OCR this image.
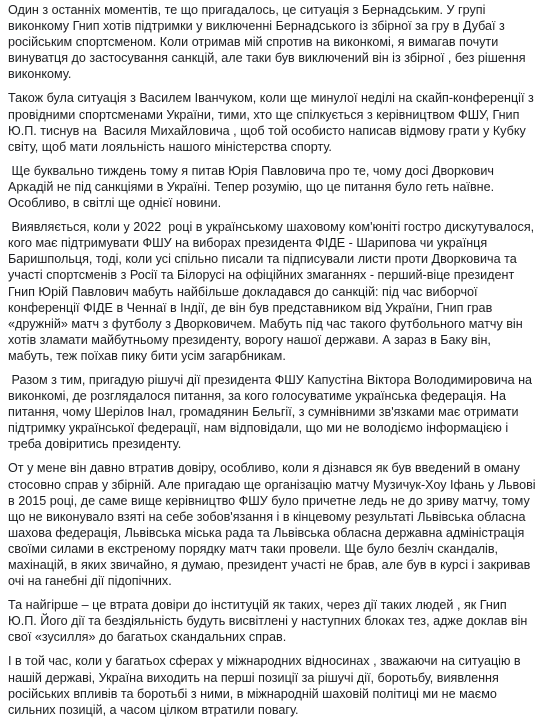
Один з останніх моментів, те що пригадалось, це ситуація з Бернадським. У групі виконкому Гнип хотів підтримки у виключенні Бернадського із збірної за гру в Дубаї з російським спортсменом. Коли отримав мій спротив на виконкомі, я вимагав почути винуватця до застосування санкцій, але таки був виключений він із збірної , без рішення виконкому.

Також була ситуація з Василем Іванчуком, коли ще минулої неділі на скайп-конференції з провідними спортсменами України, тими, хто ще спілкується з керівництвом ФШУ, Гнип Ю.П. тиснув на  Василя Михайловича , щоб той особисто написав відмову грати у Кубку світу, щоб мати лояльність нашого міністерства спорту.

Ще буквально тиждень тому я питав Юрія Павловича про те, чому досі Дворкович Аркадій не під санкціями в Україні. Тепер розумію, що це питання було геть наївне. Особливо, в світлі ще однієї новини.

Виявляється, коли у 2022  році в українському шаховому ком'юніті гостро дискутувалося, кого має підтримувати ФШУ на виборах президента ФІДЕ - Шарипова чи українця Баришпольця, тоді, коли усі спільно писали та підписували листи проти Дворковича та участі спортсменів з Росії та Білорусі на офіційних змаганнях - перший-віце президент Гнип Юрій Павлович мабуть найбільше докладався до санкцій: під час виборчої конференції ФІДЕ в Ченнаї в Індії, де він був представником від України, Гнип грав «дружній» матч з футболу з Дворковичем. Мабуть під час такого футбольного матчу він хотів зламати майбутньому президенту, ворогу нашої держави. А зараз в Баку він, мабуть, теж поїхав пику бити усім загарбникам.

Разом з тим, пригадую рішучі дії президента ФШУ Капустіна Віктора Володимировича на виконкомі, де розглядалося питання, за кого голосуватиме українська федерація. На питання, чому Шерілов Інал, громадянин Бельгії, з сумнівними зв'язками має отримати підтримку української федерації, нам відповідали, що ми не володіємо інформацією і треба довіритись президенту.

От у мене він давно втратив довіру, особливо, коли я дізнався як був введений в оману стосовно справ у збірній. Але пригадаю ще організацію матчу Музичук-Хоу Іфань у Львові в 2015 році, де саме вище керівництво ФШУ було причетне ледь не до зриву матчу, тому що не виконувало взяті на себе зобов'язання і в кінцевому результаті Львівська обласна шахова федерація, Львівська міська рада та Львівська обласна державна адміністрація своїми силами в екстреному порядку матч таки провели. Ще було безліч скандалів, махінацій, в яких звичайно, я думаю, президент участі не брав, але був в курсі і закривав очі на ганебні дії підопічних.

Та найгірше – це втрата довіри до інституцій як таких, через дії таких людей , як Гнип Ю.П. Його дії та бездіяльність будуть висвітлені у наступних блоках тез, адже доклав він свої «зусилля» до багатьох скандальних справ.

І в той час, коли у багатьох сферах у міжнародних відносинах , зважаючи на ситуацію в нашій державі, Україна виходить на перші позиції за рішучі дії, боротьбу, виявлення російських впливів та боротьбі з ними, в міжнародній шаховій політиці ми не маємо сильних позицій, а часом цілком втратили повагу.
